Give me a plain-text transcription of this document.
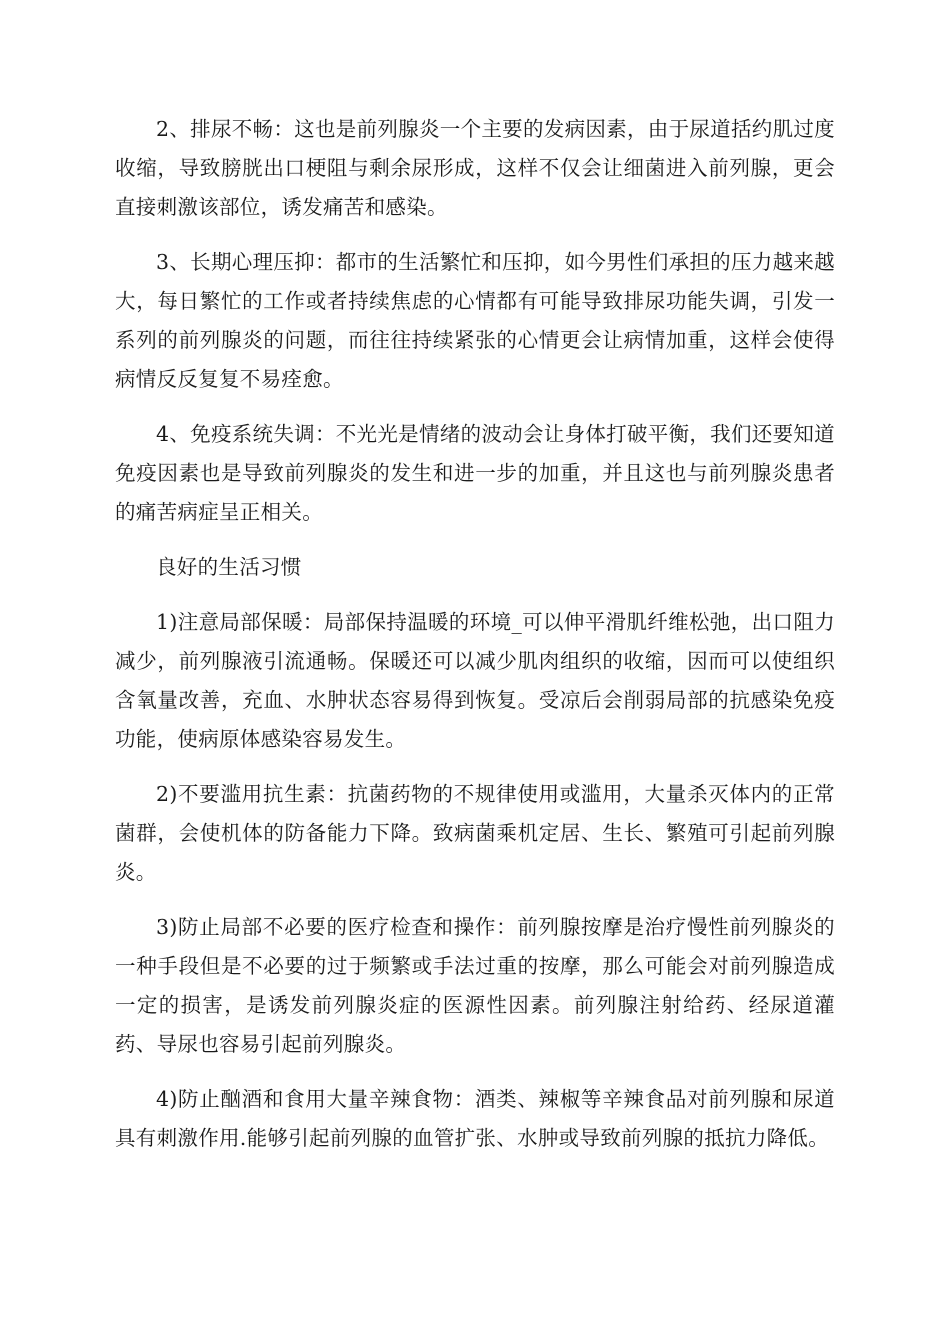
2、排尿不畅：这也是前列腺炎一个主要的发病因素，由于尿道括约肌过度收缩，导致膀胱出口梗阻与剩余尿形成，这样不仅会让细菌进入前列腺，更会直接刺激该部位，诱发痛苦和感染。

3、长期心理压抑：都市的生活繁忙和压抑，如今男性们承担的压力越来越大，每日繁忙的工作或者持续焦虑的心情都有可能导致排尿功能失调，引发一系列的前列腺炎的问题，而往往持续紧张的心情更会让病情加重，这样会使得病情反反复复不易痊愈。

4、免疫系统失调：不光光是情绪的波动会让身体打破平衡，我们还要知道免疫因素也是导致前列腺炎的发生和进一步的加重，并且这也与前列腺炎患者的痛苦病症呈正相关。

良好的生活习惯

1)注意局部保暖：局部保持温暖的环境_可以伸平滑肌纤维松弛，出口阻力减少，前列腺液引流通畅。保暖还可以减少肌肉组织的收缩，因而可以使组织含氧量改善，充血、水肿状态容易得到恢复。受凉后会削弱局部的抗感染免疫功能，使病原体感染容易发生。

2)不要滥用抗生素：抗菌药物的不规律使用或滥用，大量杀灭体内的正常菌群，会使机体的防备能力下降。致病菌乘机定居、生长、繁殖可引起前列腺炎。

3)防止局部不必要的医疗检查和操作：前列腺按摩是治疗慢性前列腺炎的一种手段但是不必要的过于频繁或手法过重的按摩，那么可能会对前列腺造成一定的损害，是诱发前列腺炎症的医源性因素。前列腺注射给药、经尿道灌药、导尿也容易引起前列腺炎。

4)防止酗酒和食用大量辛辣食物：酒类、辣椒等辛辣食品对前列腺和尿道具有刺激作用.能够引起前列腺的血管扩张、水肿或导致前列腺的抵抗力降低。
